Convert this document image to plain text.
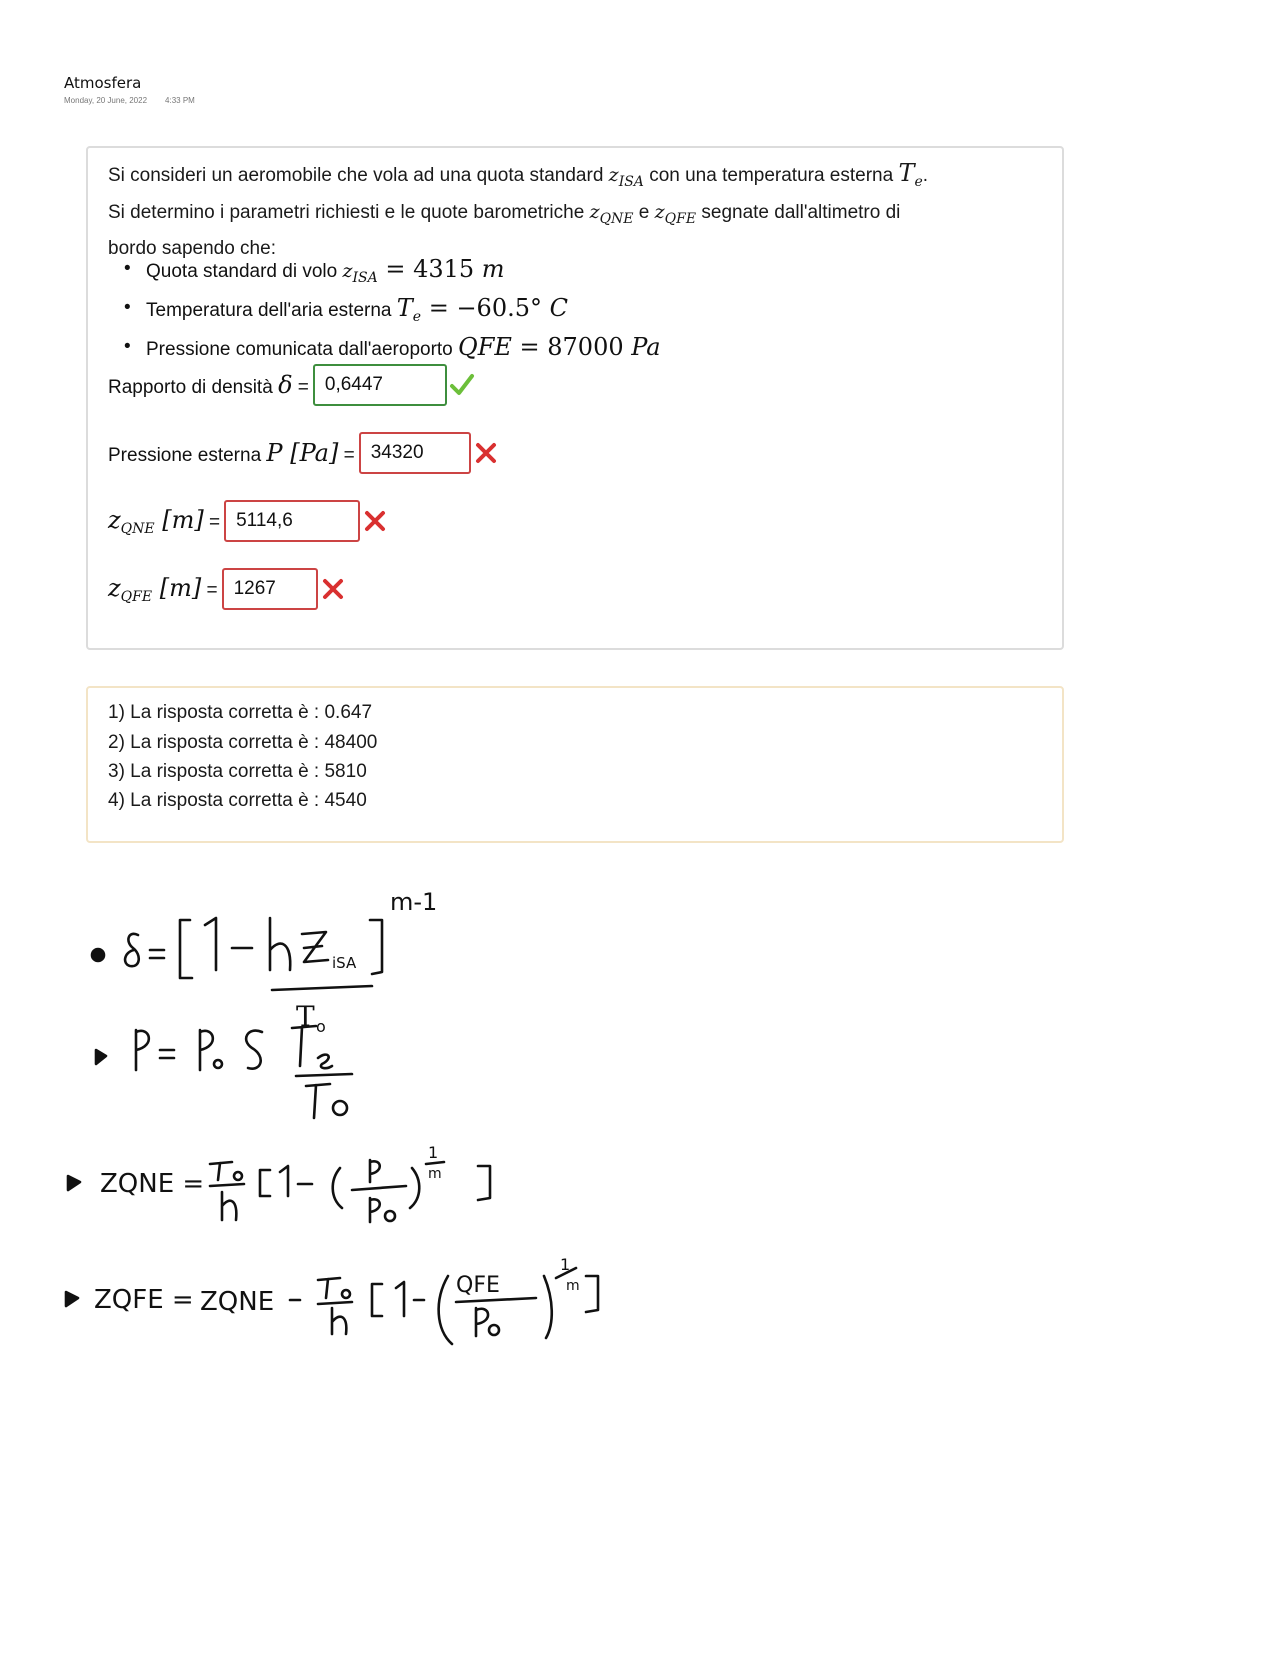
Atmosfera
Monday, 20 June, 2022 4:33 PM
Si consideri un aeromobile che vola ad una quota standard $z_{ISA}$ con una temperatura esterna $T_e$.
Si determino i parametri richiesti e le quote barometriche $z_{QNE}$ e $z_{QFE}$ segnate dall'altimetro di
bordo sapendo che:
• Quota standard di volo $z_{ISA} = 4315$ m
• Temperatura dell'aria esterna $T_e = -60.5^\circ$ C
• Pressione comunicata dall'aeroporto QFE = 87000 Pa
Rapporto di densità δ = 0,6447
Pressione esterna P [Pa] = 34320
$z_{QNE}$ [m] = 5114,6
$z_{QFE}$ [m] = 1267
1) La risposta corretta è : 0.647
2) La risposta corretta è : 48400
3) La risposta corretta è : 5810
4) La risposta corretta è : 4540
iSA
T o
m-1
ZQNE =
1
m
ZQFE = ZQNE
QFE
1
m
